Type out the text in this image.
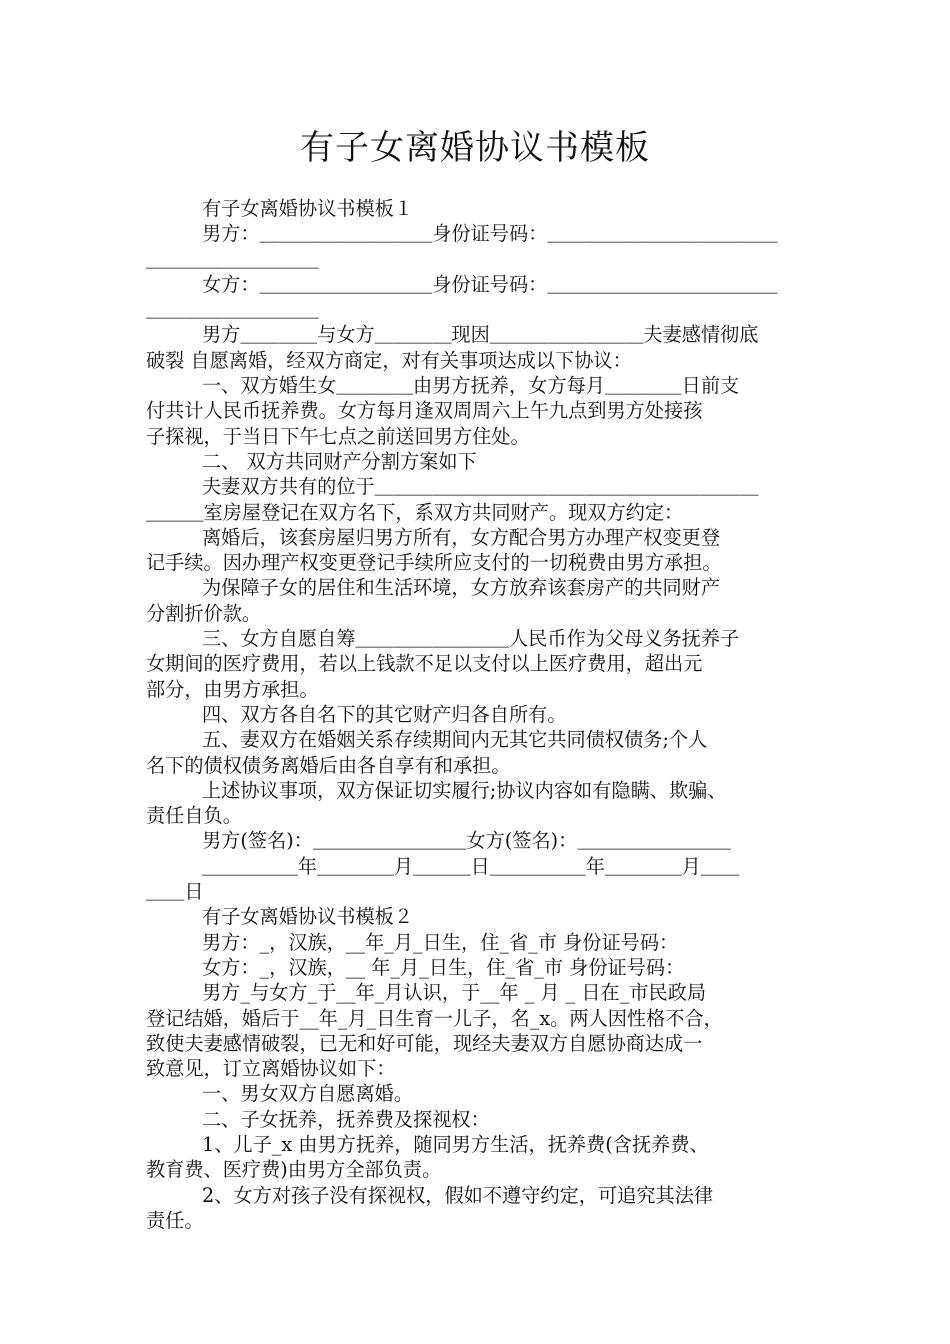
有子女离婚协议书模板
有子女离婚协议书模板１
男方：＿＿＿＿＿＿＿＿＿身份证号码：＿＿＿＿＿＿＿＿＿＿＿＿
＿＿＿＿＿＿＿＿＿
女方：＿＿＿＿＿＿＿＿＿身份证号码：＿＿＿＿＿＿＿＿＿＿＿＿
＿＿＿＿＿＿＿＿＿
男方＿＿＿＿与女方＿＿＿＿现因＿＿＿＿＿＿＿＿夫妻感情彻底
破裂 自愿离婚，经双方商定，对有关事项达成以下协议：
一、双方婚生女＿＿＿＿由男方抚养，女方每月＿＿＿＿日前支
付共计人民币抚养费。女方每月逢双周周六上午九点到男方处接孩
子探视，于当日下午七点之前送回男方住处。
二、 双方共同财产分割方案如下
夫妻双方共有的位于＿＿＿＿＿＿＿＿＿＿＿＿＿＿＿＿＿＿＿＿
＿＿＿室房屋登记在双方名下，系双方共同财产。现双方约定：
离婚后，该套房屋归男方所有，女方配合男方办理产权变更登
记手续。因办理产权变更登记手续所应支付的一切税费由男方承担。
为保障子女的居住和生活环境，女方放弃该套房产的共同财产
分割折价款。
三、女方自愿自筹＿＿＿＿＿＿＿＿人民币作为父母义务抚养子
女期间的医疗费用，若以上钱款不足以支付以上医疗费用，超出元
部分，由男方承担。
四、双方各自名下的其它财产归各自所有。
五、妻双方在婚姻关系存续期间内无其它共同债权债务;个人
名下的债权债务离婚后由各自享有和承担。
上述协议事项，双方保证切实履行;协议内容如有隐瞒、欺骗、
责任自负。
男方(签名)：＿＿＿＿＿＿＿＿女方(签名)：＿＿＿＿＿＿＿＿
＿＿＿＿＿年＿＿＿＿月＿＿＿日＿＿＿＿＿年＿＿＿＿月＿＿
＿＿日
有子女离婚协议书模板２
男方：_，汉族，__年_月_日生，住_省_市 身份证号码：
女方：_，汉族，__ 年_月_日生，住_省_市 身份证号码：
男方_与女方_于__年_月认识，于__年 _ 月 _ 日在_市民政局
登记结婚，婚后于__年_月_日生育一儿子，名_x。两人因性格不合，
致使夫妻感情破裂，已无和好可能，现经夫妻双方自愿协商达成一
致意见，订立离婚协议如下：
一、男女双方自愿离婚。
二、子女抚养，抚养费及探视权：
1、儿子_x 由男方抚养，随同男方生活，抚养费(含抚养费、
教育费、医疗费)由男方全部负责。
2、女方对孩子没有探视权，假如不遵守约定，可追究其法律
责任。
